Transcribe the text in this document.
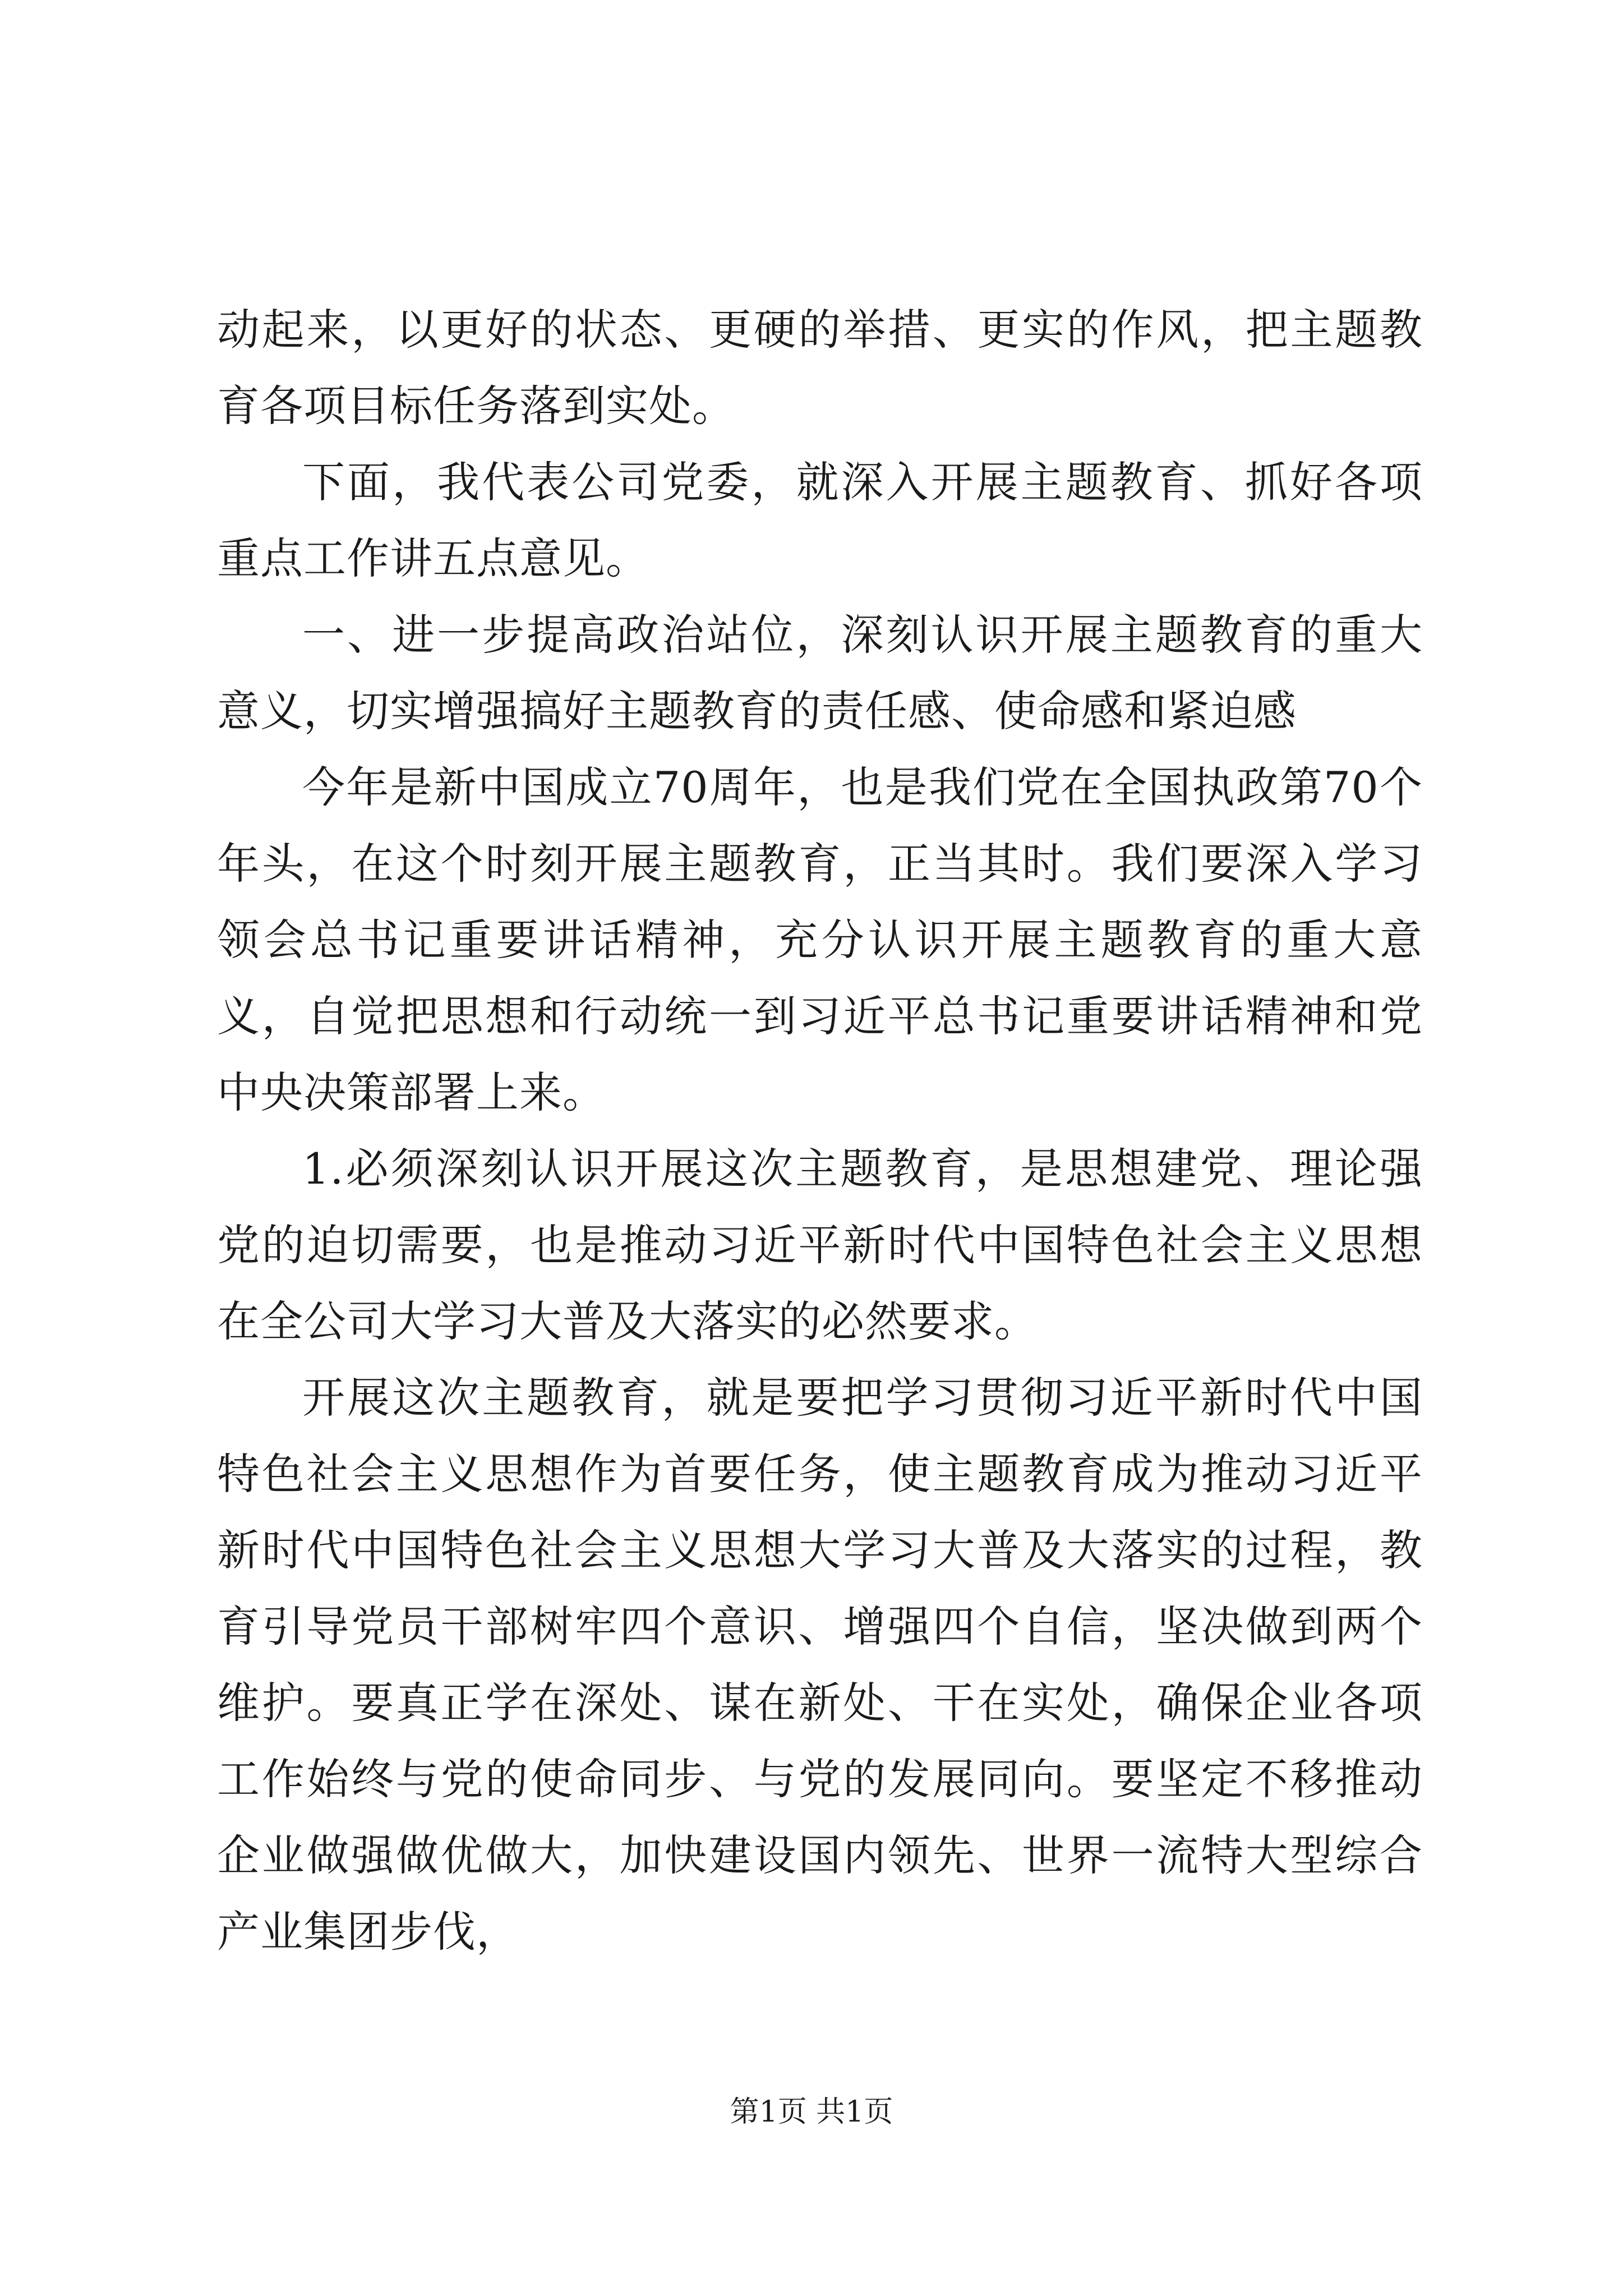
动起来，以更好的状态、更硬的举措、更实的作风，把主题教育各项目标任务落到实处。

下面，我代表公司党委，就深入开展主题教育、抓好各项重点工作讲五点意见。

一、进一步提高政治站位，深刻认识开展主题教育的重大意义，切实增强搞好主题教育的责任感、使命感和紧迫感

今年是新中国成立70周年，也是我们党在全国执政第70个年头，在这个时刻开展主题教育，正当其时。我们要深入学习领会总书记重要讲话精神，充分认识开展主题教育的重大意义，自觉把思想和行动统一到习近平总书记重要讲话精神和党中央决策部署上来。

1.必须深刻认识开展这次主题教育，是思想建党、理论强党的迫切需要，也是推动习近平新时代中国特色社会主义思想在全公司大学习大普及大落实的必然要求。

开展这次主题教育，就是要把学习贯彻习近平新时代中国特色社会主义思想作为首要任务，使主题教育成为推动习近平新时代中国特色社会主义思想大学习大普及大落实的过程，教育引导党员干部树牢四个意识、增强四个自信，坚决做到两个维护。要真正学在深处、谋在新处、干在实处，确保企业各项工作始终与党的使命同步、与党的发展同向。要坚定不移推动企业做强做优做大，加快建设国内领先、世界一流特大型综合产业集团步伐，

第1页 共1页
